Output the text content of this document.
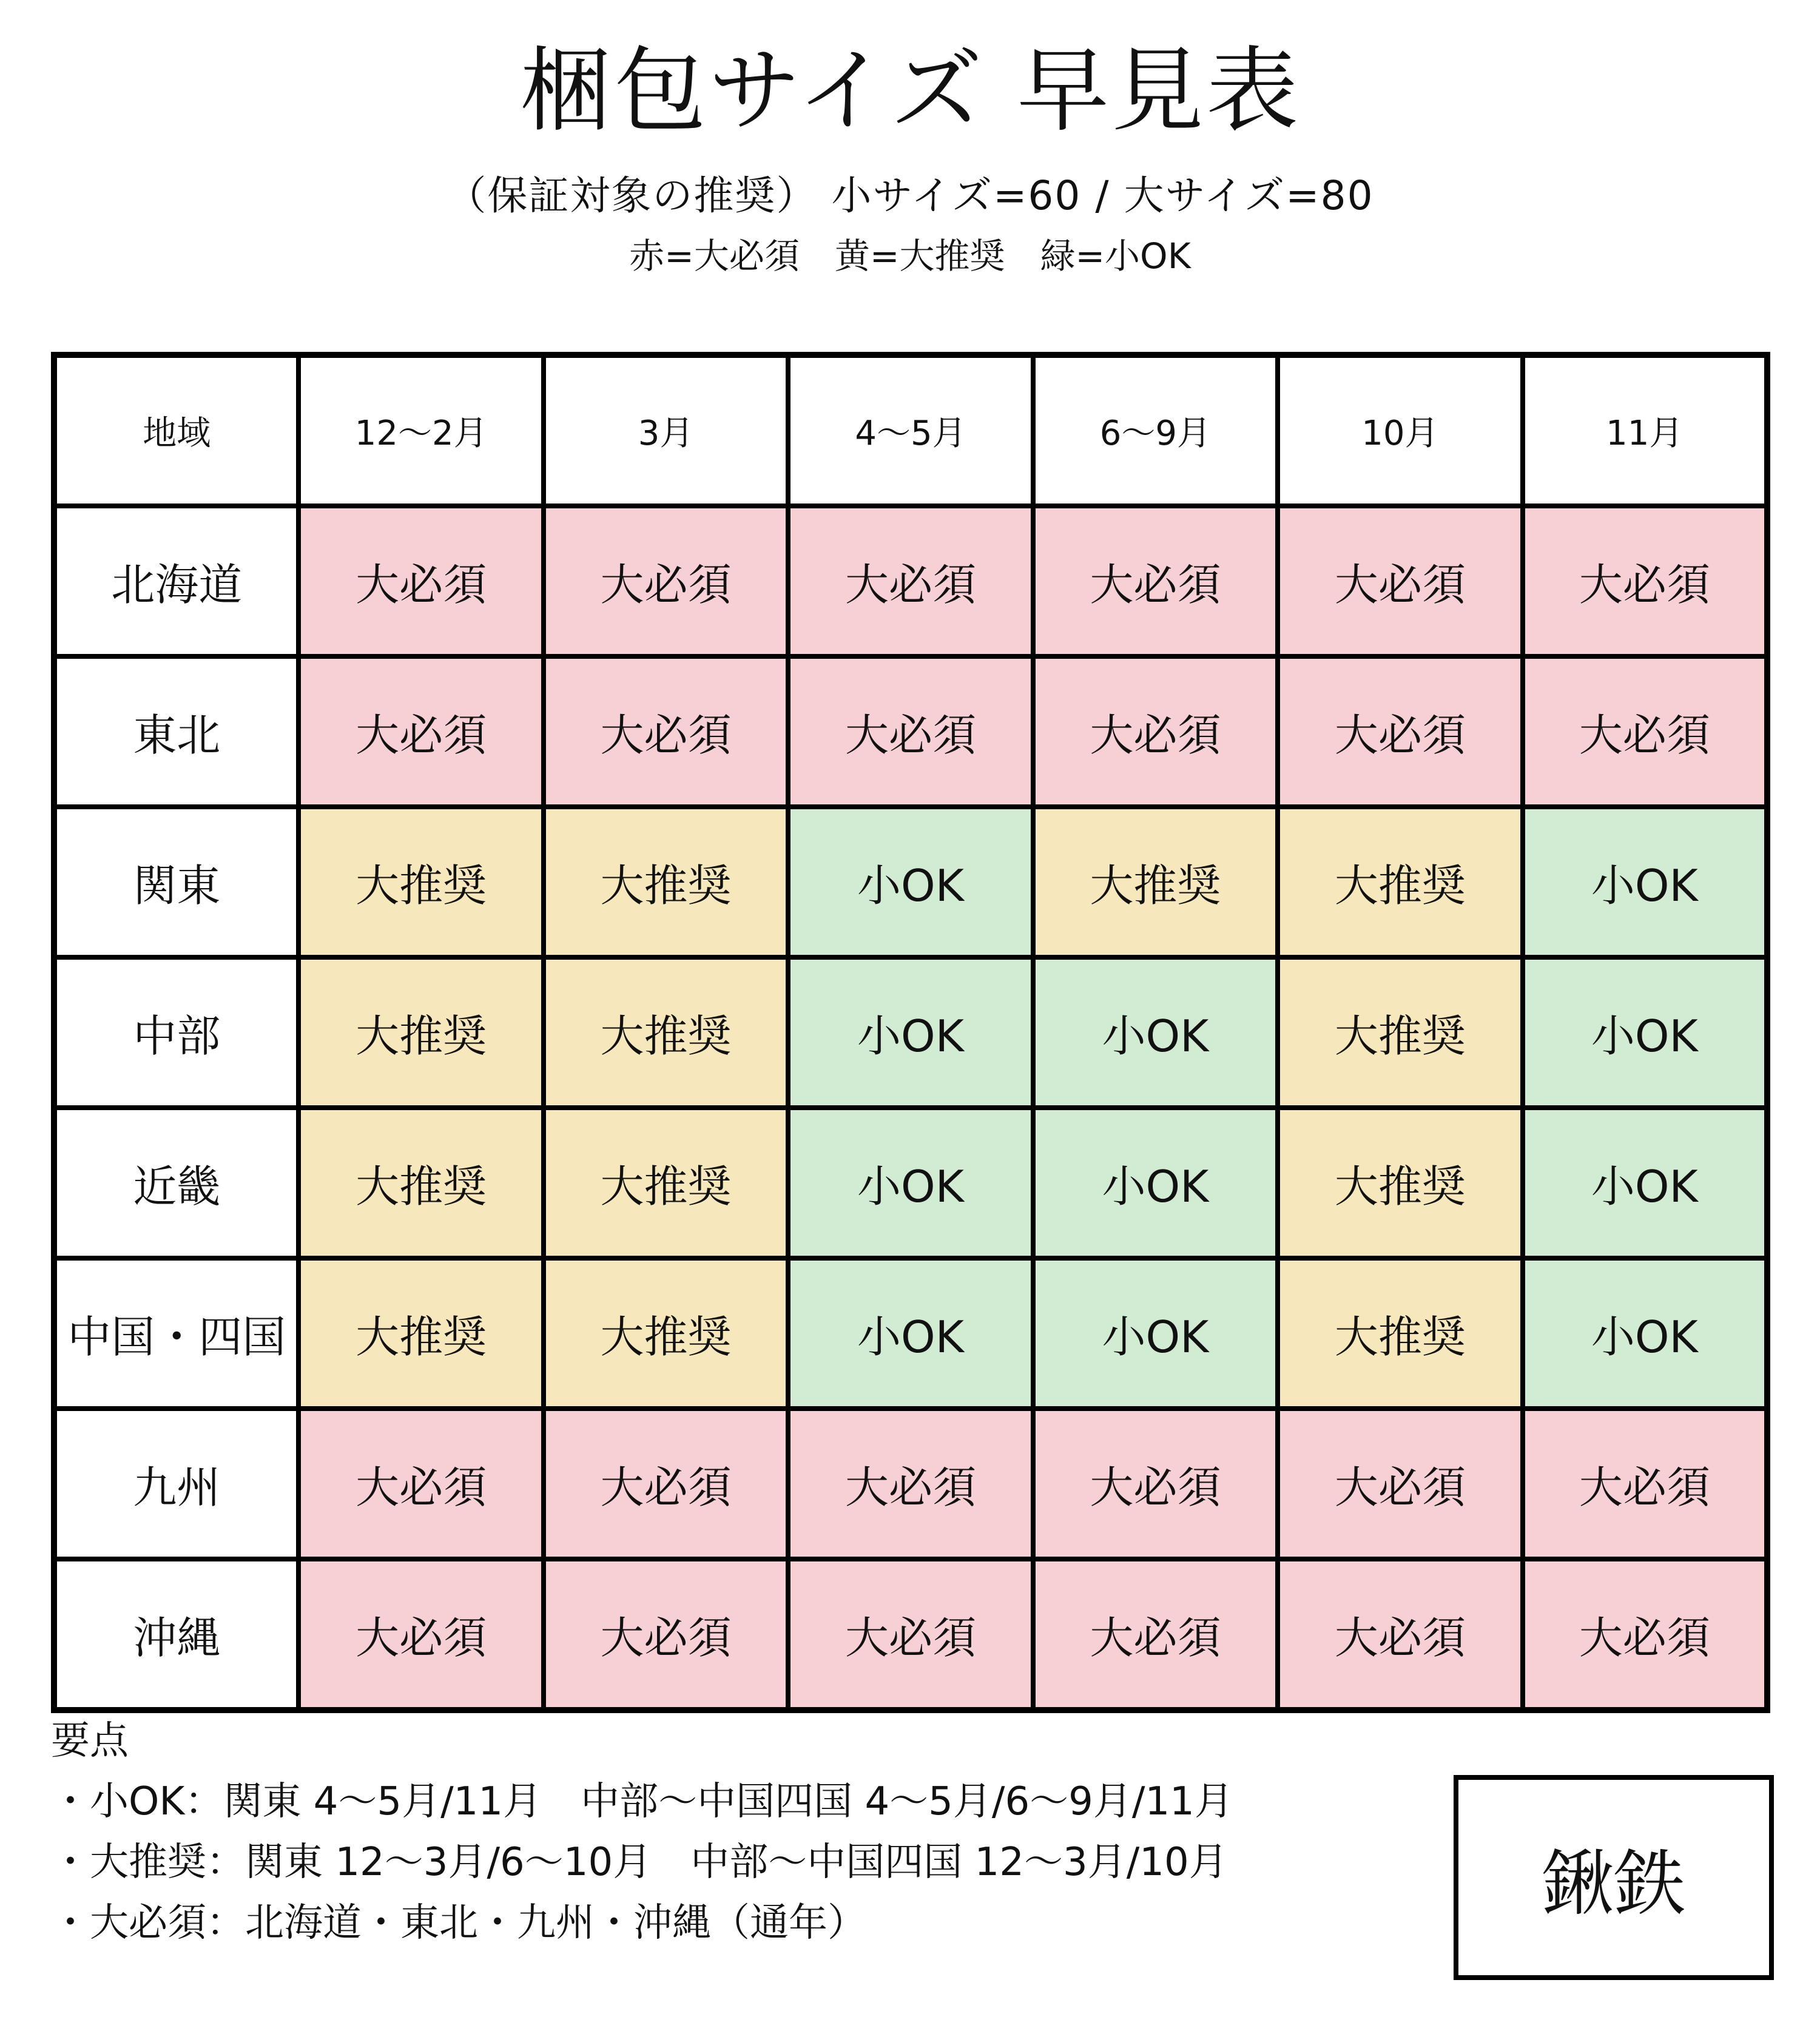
梱包サイズ 早見表
（保証対象の推奨） 小サイズ=60 / 大サイズ=80
赤=大必須　黄=大推奨　緑=小OK
地域	12〜2月	3月	4〜5月	6〜9月	10月	11月
北海道	大必須	大必須	大必須	大必須	大必須	大必須
東北	大必須	大必須	大必須	大必須	大必須	大必須
関東	大推奨	大推奨	小OK	大推奨	大推奨	小OK
中部	大推奨	大推奨	小OK	小OK	大推奨	小OK
近畿	大推奨	大推奨	小OK	小OK	大推奨	小OK
中国・四国	大推奨	大推奨	小OK	小OK	大推奨	小OK
九州	大必須	大必須	大必須	大必須	大必須	大必須
沖縄	大必須	大必須	大必須	大必須	大必須	大必須
要点
・小OK：関東 4〜5月/11月　中部〜中国四国 4〜5月/6〜9月/11月
・大推奨：関東 12〜3月/6〜10月　中部〜中国四国 12〜3月/10月
・大必須：北海道・東北・九州・沖縄（通年）	鍬鉄
